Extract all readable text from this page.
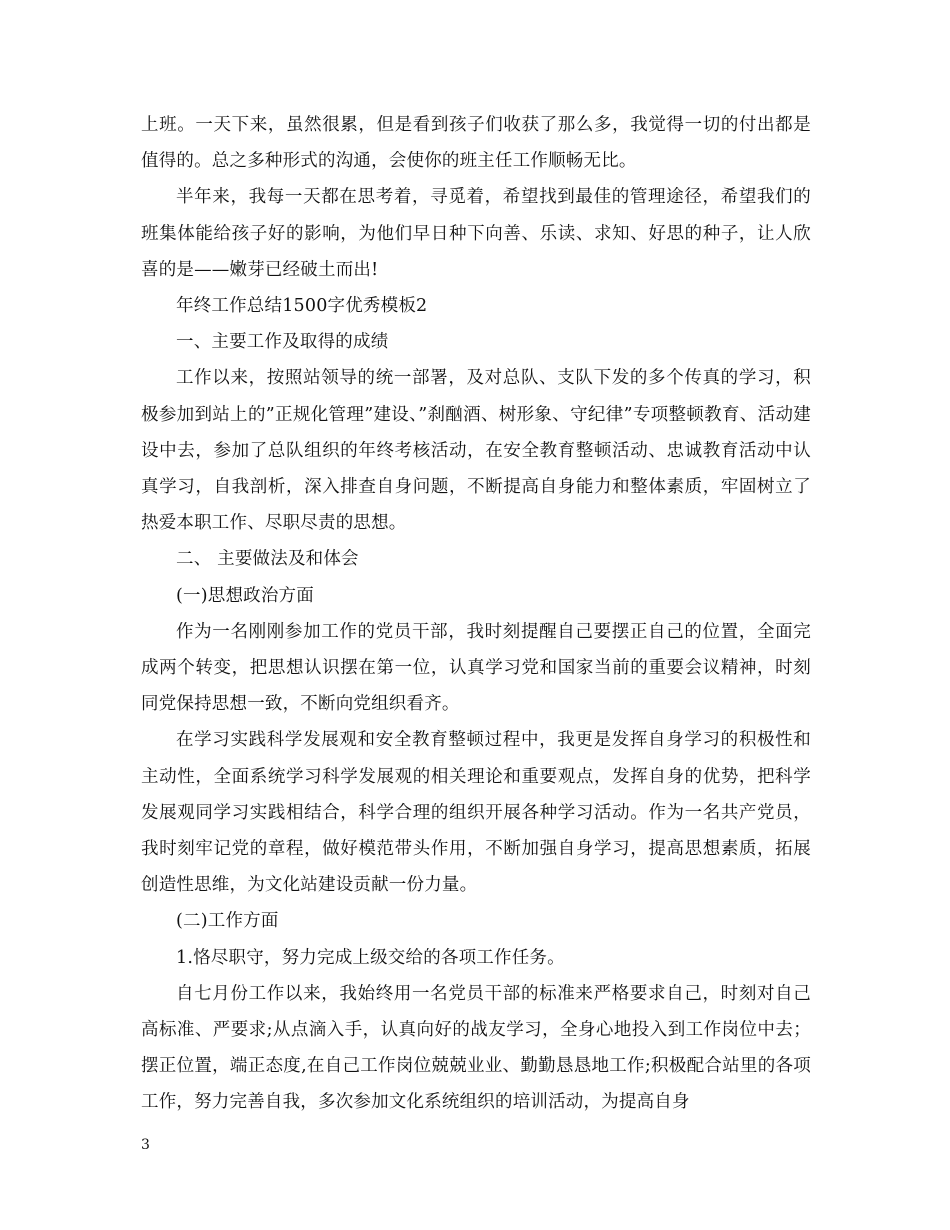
上班。一天下来，虽然很累，但是看到孩子们收获了那么多，我觉得一切的付出都是值得的。总之多种形式的沟通，会使你的班主任工作顺畅无比。

半年来，我每一天都在思考着，寻觅着，希望找到最佳的管理途径，希望我们的班集体能给孩子好的影响，为他们早日种下向善、乐读、求知、好思的种子，让人欣喜的是——嫩芽已经破土而出!

年终工作总结1500字优秀模板2

一、主要工作及取得的成绩

工作以来，按照站领导的统一部署，及对总队、支队下发的多个传真的学习，积极参加到站上的”正规化管理”建设、”刹酗酒、树形象、守纪律”专项整顿教育、活动建设中去，参加了总队组织的年终考核活动，在安全教育整顿活动、忠诚教育活动中认真学习，自我剖析，深入排查自身问题，不断提高自身能力和整体素质，牢固树立了热爱本职工作、尽职尽责的思想。

二、 主要做法及和体会

(一)思想政治方面

作为一名刚刚参加工作的党员干部，我时刻提醒自己要摆正自己的位置，全面完成两个转变，把思想认识摆在第一位，认真学习党和国家当前的重要会议精神，时刻同党保持思想一致，不断向党组织看齐。

在学习实践科学发展观和安全教育整顿过程中，我更是发挥自身学习的积极性和主动性，全面系统学习科学发展观的相关理论和重要观点，发挥自身的优势，把科学发展观同学习实践相结合，科学合理的组织开展各种学习活动。作为一名共产党员，我时刻牢记党的章程，做好模范带头作用，不断加强自身学习，提高思想素质，拓展创造性思维，为文化站建设贡献一份力量。

(二)工作方面

1.恪尽职守，努力完成上级交给的各项工作任务。

自七月份工作以来，我始终用一名党员干部的标准来严格要求自己，时刻对自己高标准、严要求;从点滴入手，认真向好的战友学习，全身心地投入到工作岗位中去；摆正位置，端正态度,在自己工作岗位兢兢业业、勤勤恳恳地工作;积极配合站里的各项工作，努力完善自我，多次参加文化系统组织的培训活动，为提高自身

3
